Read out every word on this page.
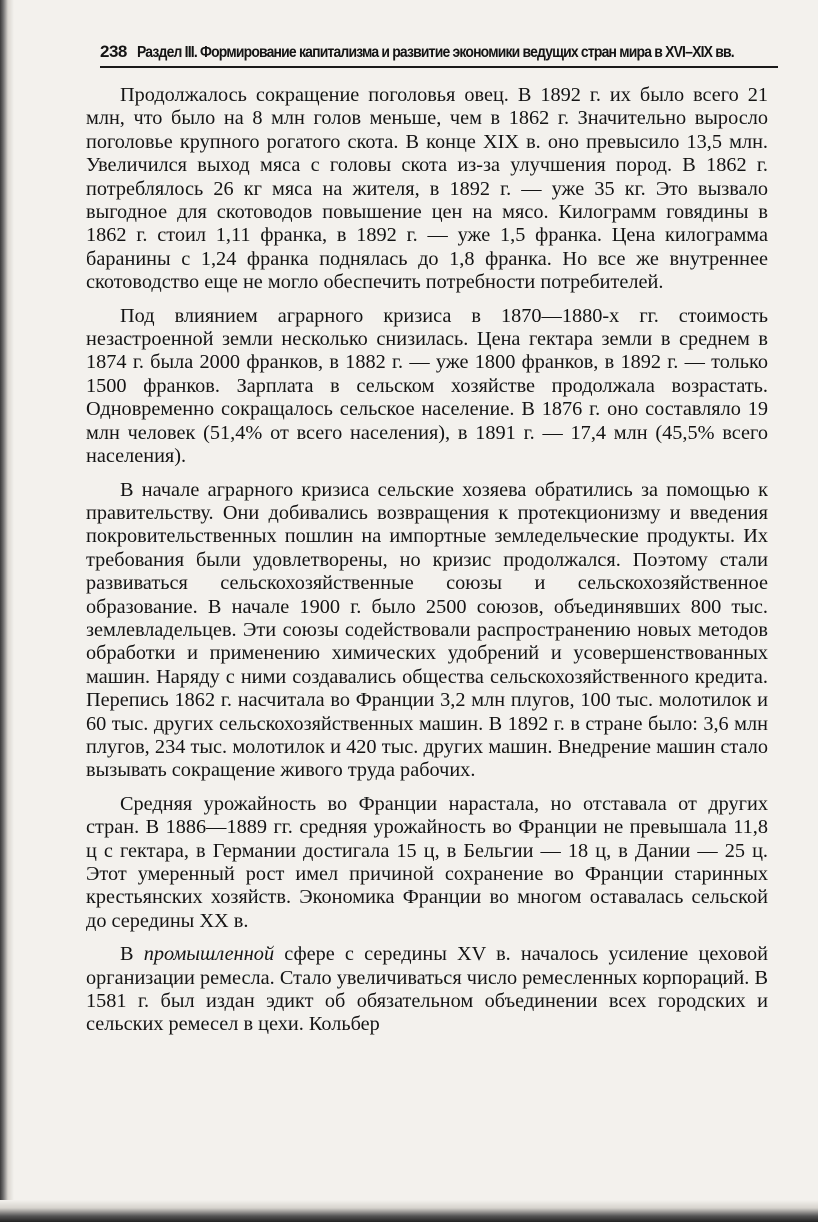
238 Раздел III. Формирование капитализма и развитие экономики ведущих стран мира в XVI–XIX вв.

Продолжалось сокращение поголовья овец. В 1892 г. их было всего 21 млн, что было на 8 млн голов меньше, чем в 1862 г. Значительно выросло поголовье крупного рогатого скота. В конце XIX в. оно превысило 13,5 млн. Увеличился выход мяса с головы скота из-за улучшения пород. В 1862 г. потреблялось 26 кг мяса на жителя, в 1892 г. — уже 35 кг. Это вызвало выгодное для скотоводов повышение цен на мясо. Килограмм говядины в 1862 г. стоил 1,11 франка, в 1892 г. — уже 1,5 франка. Цена килограмма баранины с 1,24 франка поднялась до 1,8 франка. Но все же внутреннее скотоводство еще не могло обеспечить потребности потребителей.

Под влиянием аграрного кризиса в 1870—1880-х гг. стоимость незастроенной земли несколько снизилась. Цена гектара земли в среднем в 1874 г. была 2000 франков, в 1882 г. — уже 1800 франков, в 1892 г. — только 1500 франков. Зарплата в сельском хозяйстве продолжала возрастать. Одновременно сокращалось сельское население. В 1876 г. оно составляло 19 млн человек (51,4% от всего населения), в 1891 г. — 17,4 млн (45,5% всего населения).

В начале аграрного кризиса сельские хозяева обратились за помощью к правительству. Они добивались возвращения к протекционизму и введения покровительственных пошлин на импортные земледельческие продукты. Их требования были удовлетворены, но кризис продолжался. Поэтому стали развиваться сельскохозяйственные союзы и сельскохозяйственное образование. В начале 1900 г. было 2500 союзов, объединявших 800 тыс. землевладельцев. Эти союзы содействовали распространению новых методов обработки и применению химических удобрений и усовершенствованных машин. Наряду с ними создавались общества сельскохозяйственного кредита. Перепись 1862 г. насчитала во Франции 3,2 млн плугов, 100 тыс. молотилок и 60 тыс. других сельскохозяйственных машин. В 1892 г. в стране было: 3,6 млн плугов, 234 тыс. молотилок и 420 тыс. других машин. Внедрение машин стало вызывать сокращение живого труда рабочих.

Средняя урожайность во Франции нарастала, но отставала от других стран. В 1886—1889 гг. средняя урожайность во Франции не превышала 11,8 ц с гектара, в Германии достигала 15 ц, в Бельгии — 18 ц, в Дании — 25 ц. Этот умеренный рост имел причиной сохранение во Франции старинных крестьянских хозяйств. Экономика Франции во многом оставалась сельской до середины XX в.

В промышленной сфере с середины XV в. началось усиление цеховой организации ремесла. Стало увеличиваться число ремесленных корпораций. В 1581 г. был издан эдикт об обязательном объединении всех городских и сельских ремесел в цехи. Кольбер
